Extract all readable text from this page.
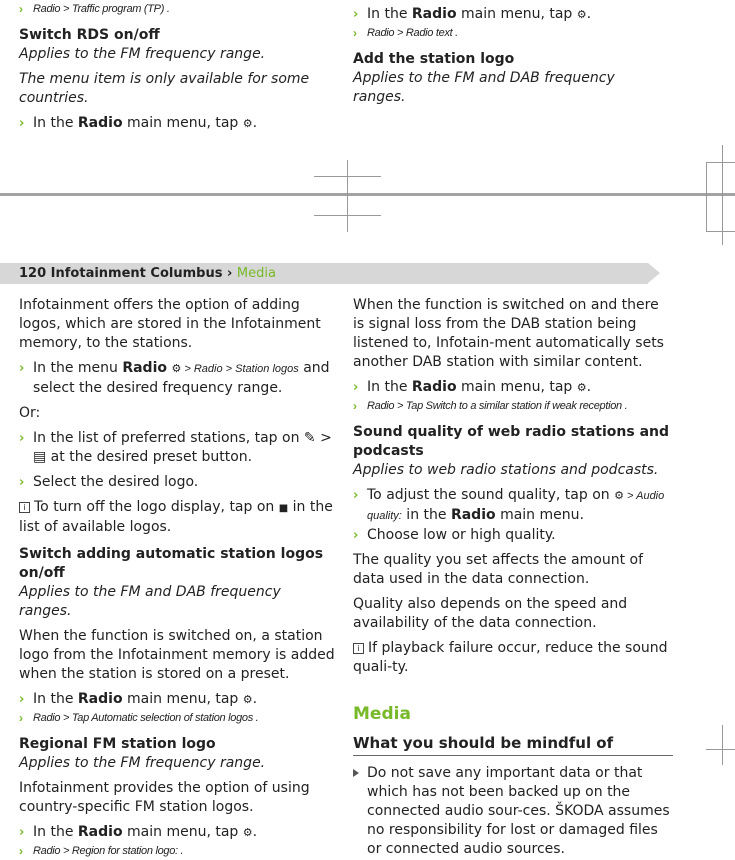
› Radio > Traffic program (TP) .

Switch RDS on/off

Applies to the FM frequency range.

The menu item is only available for some countries.

› In the Radio main menu, tap ⚙.
› In the Radio main menu, tap ⚙.
› Radio > Radio text .

Add the station logo

Applies to the FM and DAB frequency ranges.

120 Infotainment Columbus › Media

Infotainment offers the option of adding logos, which are stored in the Infotainment memory, to the stations.

› In the menu Radio ⚙ > Radio > Station logos and select the desired frequency range.

Or:

› In the list of preferred stations, tap on ✎ > ▤ at the desired preset button.
› Select the desired logo.

i To turn off the logo display, tap on ■ in the list of available logos.

Switch adding automatic station logos on/off

Applies to the FM and DAB frequency ranges.

When the function is switched on, a station logo from the Infotainment memory is added when the station is stored on a preset.

› In the Radio main menu, tap ⚙.
› Radio > Tap Automatic selection of station logos .

Regional FM station logo

Applies to the FM frequency range.

Infotainment provides the option of using country-specific FM station logos.

› In the Radio main menu, tap ⚙.
› Radio > Region for station logo: .

When the function is switched on and there is signal loss from the DAB station being listened to, Infotain-ment automatically sets another DAB station with similar content.

› In the Radio main menu, tap ⚙.
› Radio > Tap Switch to a similar station if weak reception .

Sound quality of web radio stations and podcasts

Applies to web radio stations and podcasts.

› To adjust the sound quality, tap on ⚙ > Audio quality: in the Radio main menu.
› Choose low or high quality.

The quality you set affects the amount of data used in the data connection.

Quality also depends on the speed and availability of the data connection.

i If playback failure occur, reduce the sound quali-ty.

Media

What you should be mindful of

Do not save any important data or that which has not been backed up on the connected audio sour-ces. ŠKODA assumes no responsibility for lost or damaged files or connected audio sources.
